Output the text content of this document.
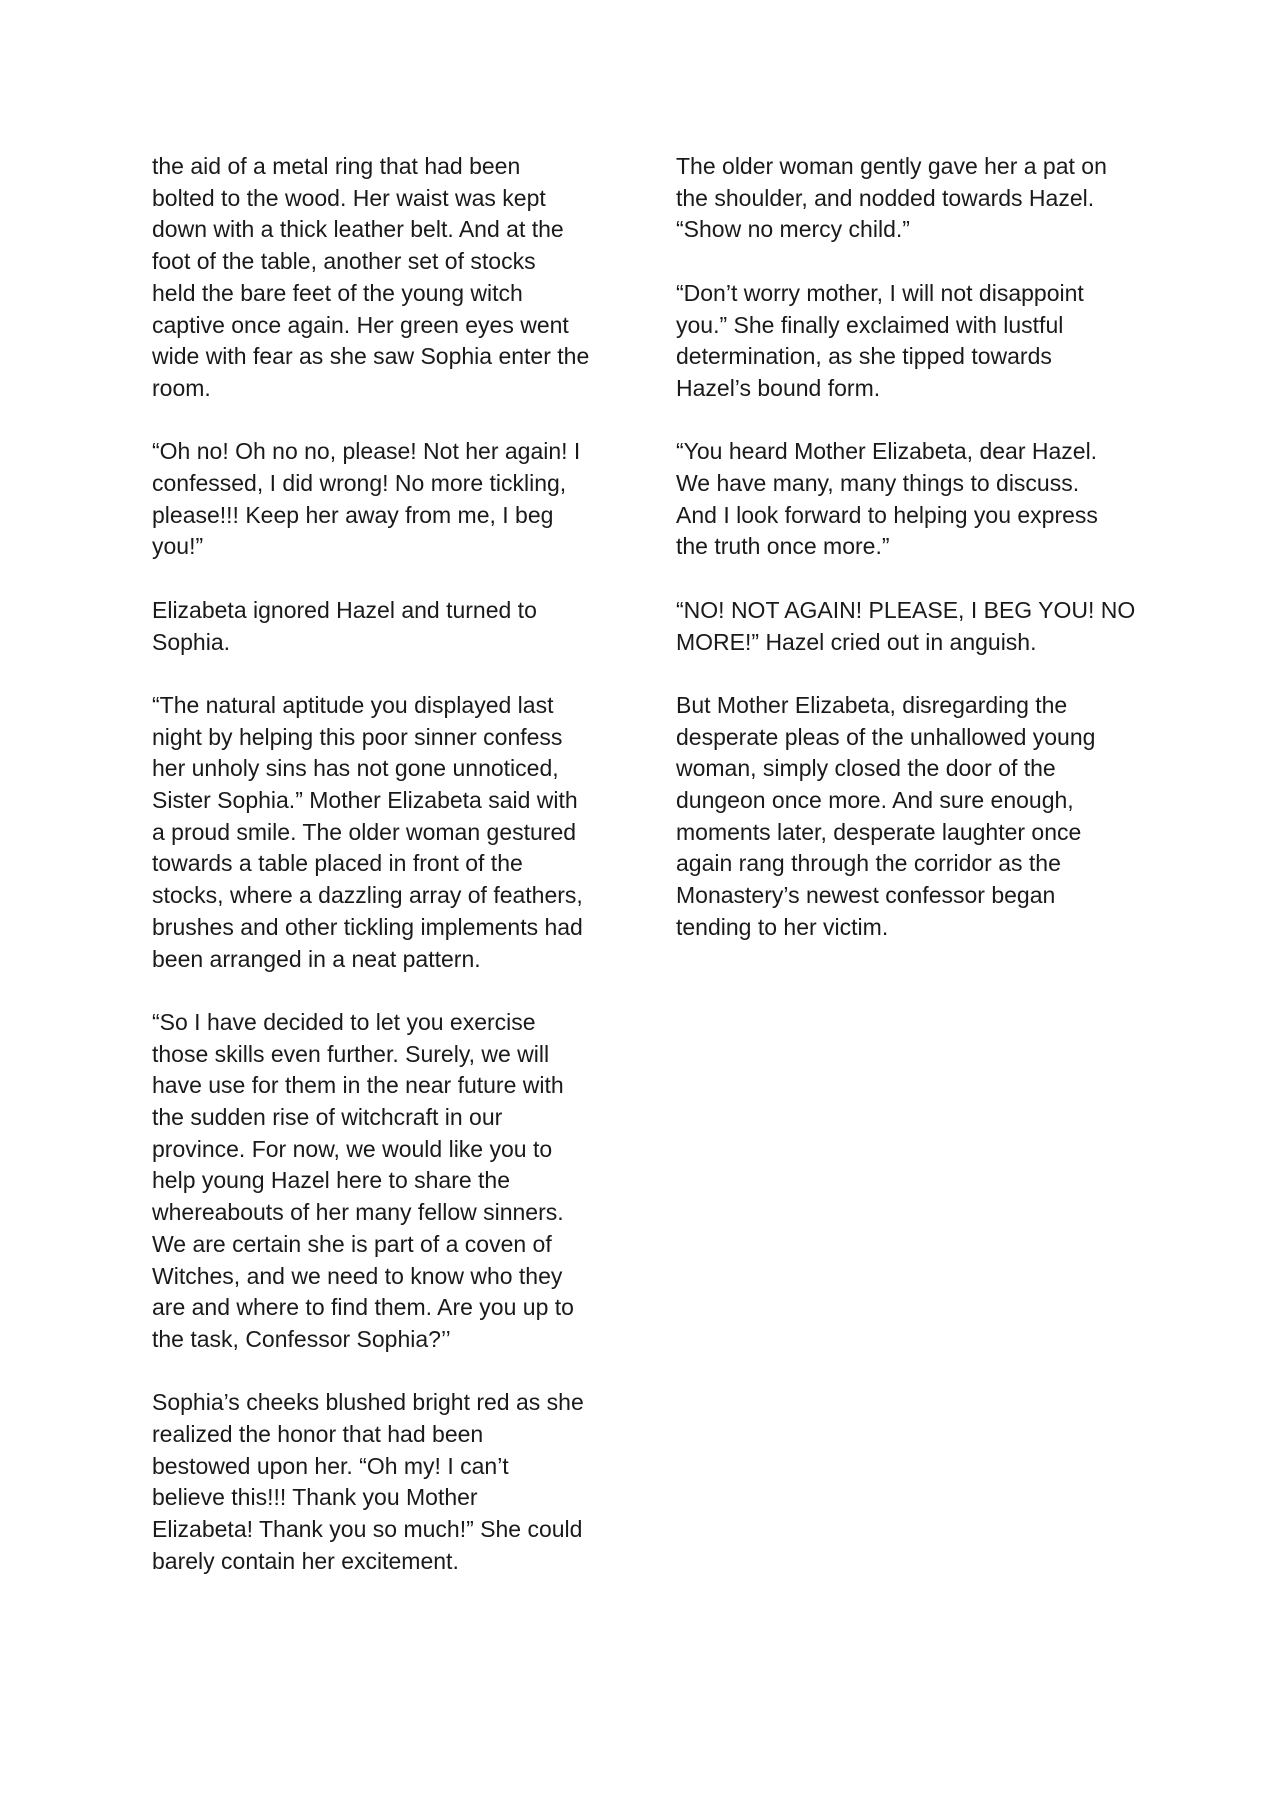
the aid of a metal ring that had been
bolted to the wood. Her waist was kept
down with a thick leather belt. And at the
foot of the table, another set of stocks
held the bare feet of the young witch
captive once again. Her green eyes went
wide with fear as she saw Sophia enter the
room.
“Oh no! Oh no no, please! Not her again! I
confessed, I did wrong! No more tickling,
please!!! Keep her away from me, I beg
you!”
Elizabeta ignored Hazel and turned to
Sophia.
“The natural aptitude you displayed last
night by helping this poor sinner confess
her unholy sins has not gone unnoticed,
Sister Sophia.” Mother Elizabeta said with
a proud smile. The older woman gestured
towards a table placed in front of the
stocks, where a dazzling array of feathers,
brushes and other tickling implements had
been arranged in a neat pattern.
“So I have decided to let you exercise
those skills even further. Surely, we will
have use for them in the near future with
the sudden rise of witchcraft in our
province. For now, we would like you to
help young Hazel here to share the
whereabouts of her many fellow sinners.
We are certain she is part of a coven of
Witches, and we need to know who they
are and where to find them. Are you up to
the task, Confessor Sophia?’’
Sophia’s cheeks blushed bright red as she
realized the honor that had been
bestowed upon her. “Oh my! I can’t
believe this!!! Thank you Mother
Elizabeta! Thank you so much!” She could
barely contain her excitement.
The older woman gently gave her a pat on
the shoulder, and nodded towards Hazel.
“Show no mercy child.”
“Don’t worry mother, I will not disappoint
you.” She finally exclaimed with lustful
determination, as she tipped towards
Hazel’s bound form.
“You heard Mother Elizabeta, dear Hazel.
We have many, many things to discuss.
And I look forward to helping you express
the truth once more.”
“NO! NOT AGAIN! PLEASE, I BEG YOU! NO
MORE!” Hazel cried out in anguish.
But Mother Elizabeta, disregarding the
desperate pleas of the unhallowed young
woman, simply closed the door of the
dungeon once more. And sure enough,
moments later, desperate laughter once
again rang through the corridor as the
Monastery’s newest confessor began
tending to her victim.
